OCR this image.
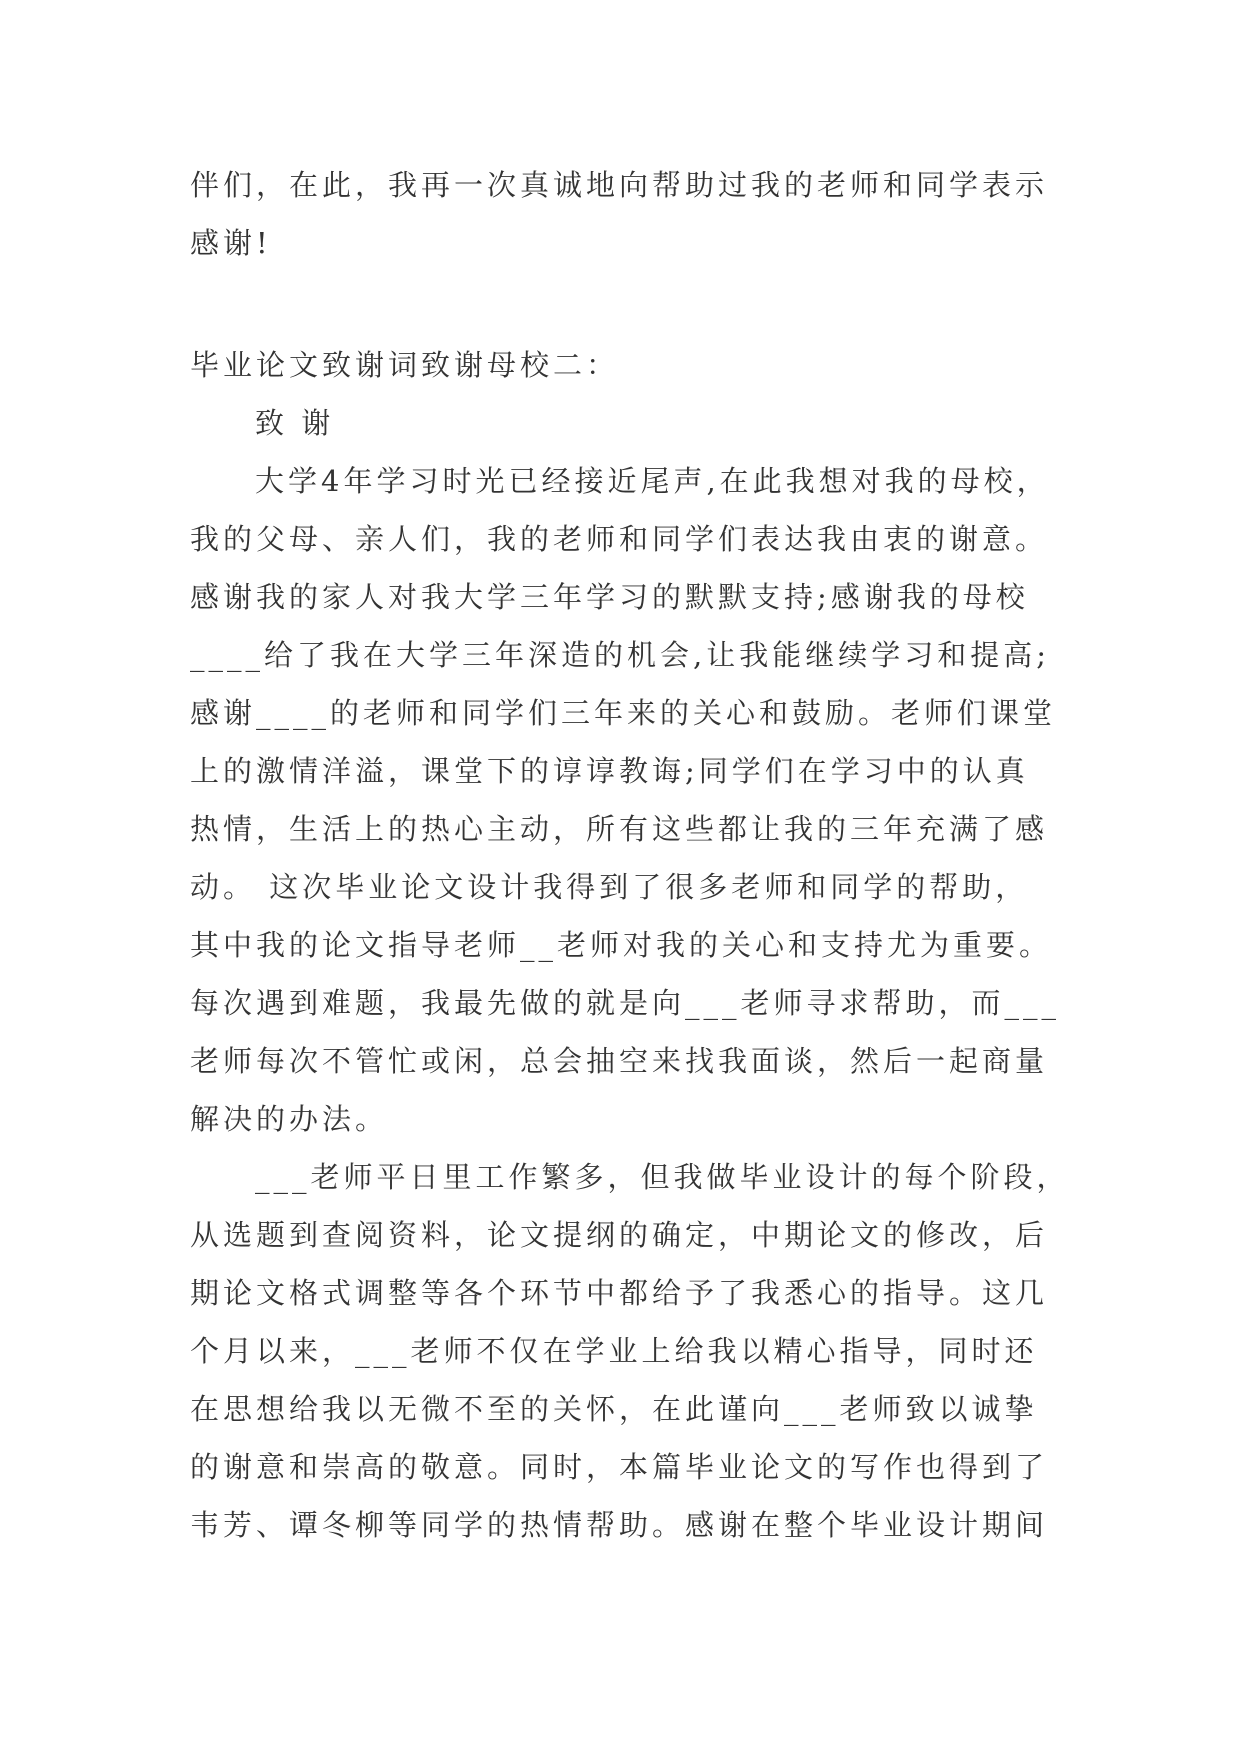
伴们，在此，我再一次真诚地向帮助过我的老师和同学表示
感谢!
毕业论文致谢词致谢母校二：
致 谢
大学4年学习时光已经接近尾声,在此我想对我的母校，
我的父母、亲人们，我的老师和同学们表达我由衷的谢意。
感谢我的家人对我大学三年学习的默默支持;感谢我的母校
____给了我在大学三年深造的机会,让我能继续学习和提高;
感谢____的老师和同学们三年来的关心和鼓励。老师们课堂
上的激情洋溢，课堂下的谆谆教诲;同学们在学习中的认真
热情，生活上的热心主动，所有这些都让我的三年充满了感
动。 这次毕业论文设计我得到了很多老师和同学的帮助，
其中我的论文指导老师__老师对我的关心和支持尤为重要。
每次遇到难题，我最先做的就是向___老师寻求帮助，而___
老师每次不管忙或闲，总会抽空来找我面谈，然后一起商量
解决的办法。
___老师平日里工作繁多，但我做毕业设计的每个阶段，
从选题到查阅资料，论文提纲的确定，中期论文的修改，后
期论文格式调整等各个环节中都给予了我悉心的指导。这几
个月以来，___老师不仅在学业上给我以精心指导，同时还
在思想给我以无微不至的关怀，在此谨向___老师致以诚挚
的谢意和崇高的敬意。同时，本篇毕业论文的写作也得到了
韦芳、谭冬柳等同学的热情帮助。感谢在整个毕业设计期间
